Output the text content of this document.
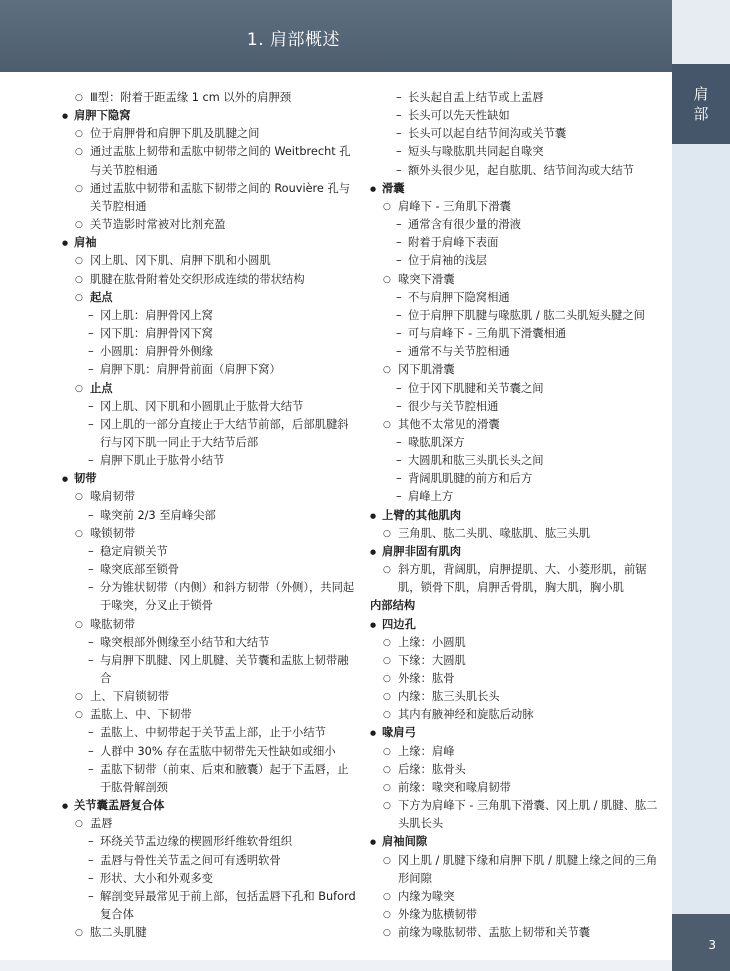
1. 肩部概述
肩
部
3
○ Ⅲ型：附着于距盂缘 1 cm 以外的肩胛颈
● 肩胛下隐窝
○ 位于肩胛骨和肩胛下肌及肌腱之间
○ 通过盂肱上韧带和盂肱中韧带之间的 Weitbrecht 孔与关节腔相通
○ 通过盂肱中韧带和盂肱下韧带之间的 Rouvière 孔与关节腔相通
○ 关节造影时常被对比剂充盈
● 肩袖
○ 冈上肌、冈下肌、肩胛下肌和小圆肌
○ 肌腱在肱骨附着处交织形成连续的带状结构
○ 起点
– 冈上肌：肩胛骨冈上窝
– 冈下肌：肩胛骨冈下窝
– 小圆肌：肩胛骨外侧缘
– 肩胛下肌：肩胛骨前面（肩胛下窝）
○ 止点
– 冈上肌、冈下肌和小圆肌止于肱骨大结节
– 冈上肌的一部分直接止于大结节前部，后部肌腱斜行与冈下肌一同止于大结节后部
– 肩胛下肌止于肱骨小结节
● 韧带
○ 喙肩韧带
– 喙突前 2/3 至肩峰尖部
○ 喙锁韧带
– 稳定肩锁关节
– 喙突底部至锁骨
– 分为锥状韧带（内侧）和斜方韧带（外侧），共同起于喙突，分叉止于锁骨
○ 喙肱韧带
– 喙突根部外侧缘至小结节和大结节
– 与肩胛下肌腱、冈上肌腱、关节囊和盂肱上韧带融合
○ 上、下肩锁韧带
○ 盂肱上、中、下韧带
– 盂肱上、中韧带起于关节盂上部，止于小结节
– 人群中 30% 存在盂肱中韧带先天性缺如或细小
– 盂肱下韧带（前束、后束和腋囊）起于下盂唇，止于肱骨解剖颈
● 关节囊盂唇复合体
○ 盂唇
– 环绕关节盂边缘的楔圆形纤维软骨组织
– 盂唇与骨性关节盂之间可有透明软骨
– 形状、大小和外观多变
– 解剖变异最常见于前上部，包括盂唇下孔和 Buford 复合体
○ 肱二头肌腱
– 长头起自盂上结节或上盂唇
– 长头可以先天性缺如
– 长头可以起自结节间沟或关节囊
– 短头与喙肱肌共同起自喙突
– 额外头很少见，起自肱肌、结节间沟或大结节
● 滑囊
○ 肩峰下 - 三角肌下滑囊
– 通常含有很少量的滑液
– 附着于肩峰下表面
– 位于肩袖的浅层
○ 喙突下滑囊
– 不与肩胛下隐窝相通
– 位于肩胛下肌腱与喙肱肌 / 肱二头肌短头腱之间
– 可与肩峰下 - 三角肌下滑囊相通
– 通常不与关节腔相通
○ 冈下肌滑囊
– 位于冈下肌腱和关节囊之间
– 很少与关节腔相通
○ 其他不太常见的滑囊
– 喙肱肌深方
– 大圆肌和肱三头肌长头之间
– 背阔肌肌腱的前方和后方
– 肩峰上方
● 上臂的其他肌肉
○ 三角肌、肱二头肌、喙肱肌、肱三头肌
● 肩胛非固有肌肉
○ 斜方肌，背阔肌，肩胛提肌、大、小菱形肌，前锯肌，锁骨下肌，肩胛舌骨肌，胸大肌，胸小肌
内部结构
● 四边孔
○ 上缘：小圆肌
○ 下缘：大圆肌
○ 外缘：肱骨
○ 内缘：肱三头肌长头
○ 其内有腋神经和旋肱后动脉
● 喙肩弓
○ 上缘：肩峰
○ 后缘：肱骨头
○ 前缘：喙突和喙肩韧带
○ 下方为肩峰下 - 三角肌下滑囊、冈上肌 / 肌腱、肱二头肌长头
● 肩袖间隙
○ 冈上肌 / 肌腱下缘和肩胛下肌 / 肌腱上缘之间的三角形间隙
○ 内缘为喙突
○ 外缘为肱横韧带
○ 前缘为喙肱韧带、盂肱上韧带和关节囊
